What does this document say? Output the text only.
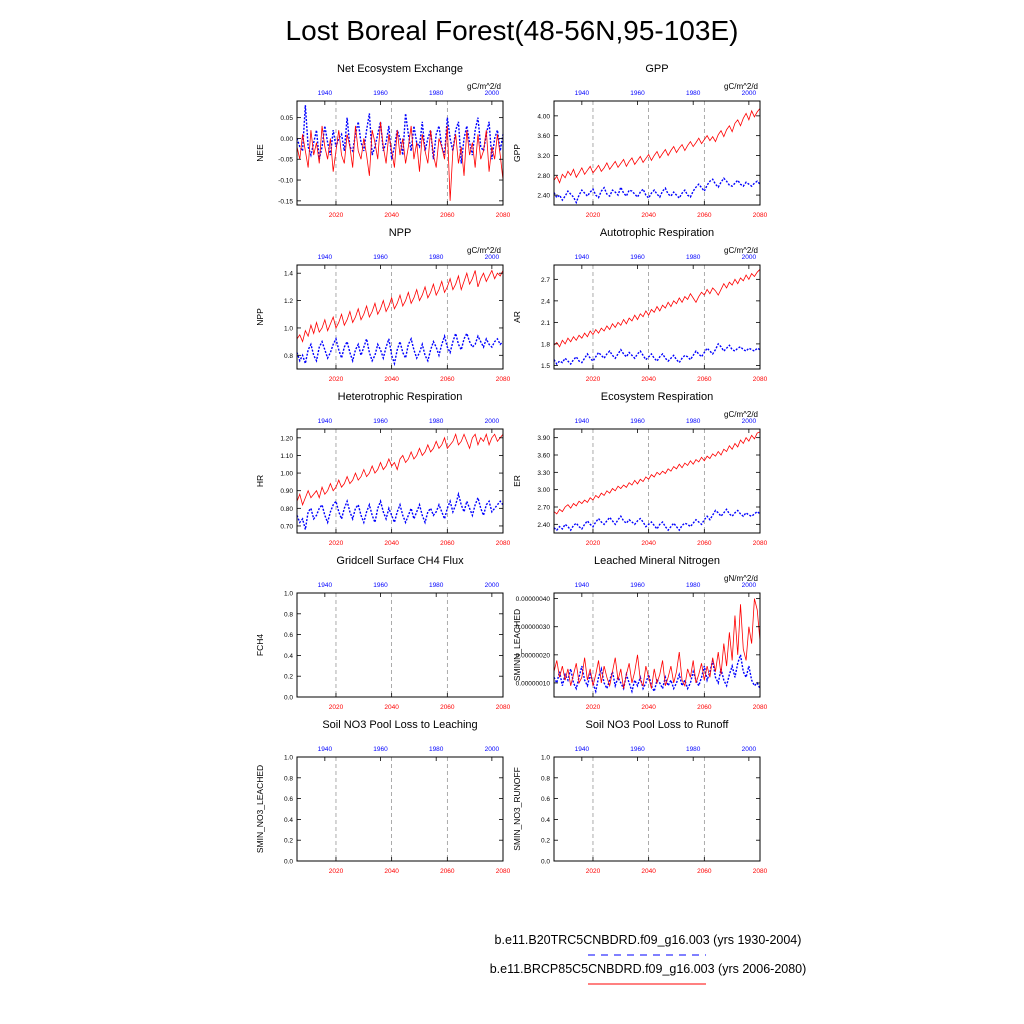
Lost Boreal Forest(48-56N,95-103E)
Net Ecosystem Exchange
gC/m^2/d
-0.15
-0.10
-0.05
0.00
0.05
NEE
2020	2040	2060	2080
1940	1960	1980	2000
GPP
gC/m^2/d
2.40
2.80
3.20
3.60
4.00
GPP
2020	2040	2060	2080
1940	1960	1980	2000
NPP
gC/m^2/d
0.8
1.0
1.2
1.4
NPP
2020	2040	2060	2080
1940	1960	1980	2000
Autotrophic Respiration
gC/m^2/d
1.5
1.8
2.1
2.4
2.7
AR
2020	2040	2060	2080
1940	1960	1980	2000
Heterotrophic Respiration
0.70
0.80
0.90
1.00
1.10
1.20
HR
2020	2040	2060	2080
1940	1960	1980	2000
Ecosystem Respiration
gC/m^2/d
2.40
2.70
3.00
3.30
3.60
3.90
ER
2020	2040	2060	2080
1940	1960	1980	2000
Gridcell Surface CH4 Flux
0.0
0.2
0.4
0.6
0.8
1.0
FCH4
2020	2040	2060	2080
1940	1960	1980	2000
Leached Mineral Nitrogen
gN/m^2/d
0.00000010
0.00000020
0.00000030
0.00000040
SMINN_LEACHED
2020	2040	2060	2080
1940	1960	1980	2000
Soil NO3 Pool Loss to Leaching
0.0
0.2
0.4
0.6
0.8
1.0
SMIN_NO3_LEACHED
2020	2040	2060	2080
1940	1960	1980	2000
Soil NO3 Pool Loss to Runoff
0.0
0.2
0.4
0.6
0.8
1.0
SMIN_NO3_RUNOFF
2020	2040	2060	2080
1940	1960	1980	2000
b.e11.B20TRC5CNBDRD.f09_g16.003 (yrs 1930-2004)
b.e11.BRCP85C5CNBDRD.f09_g16.003 (yrs 2006-2080)
